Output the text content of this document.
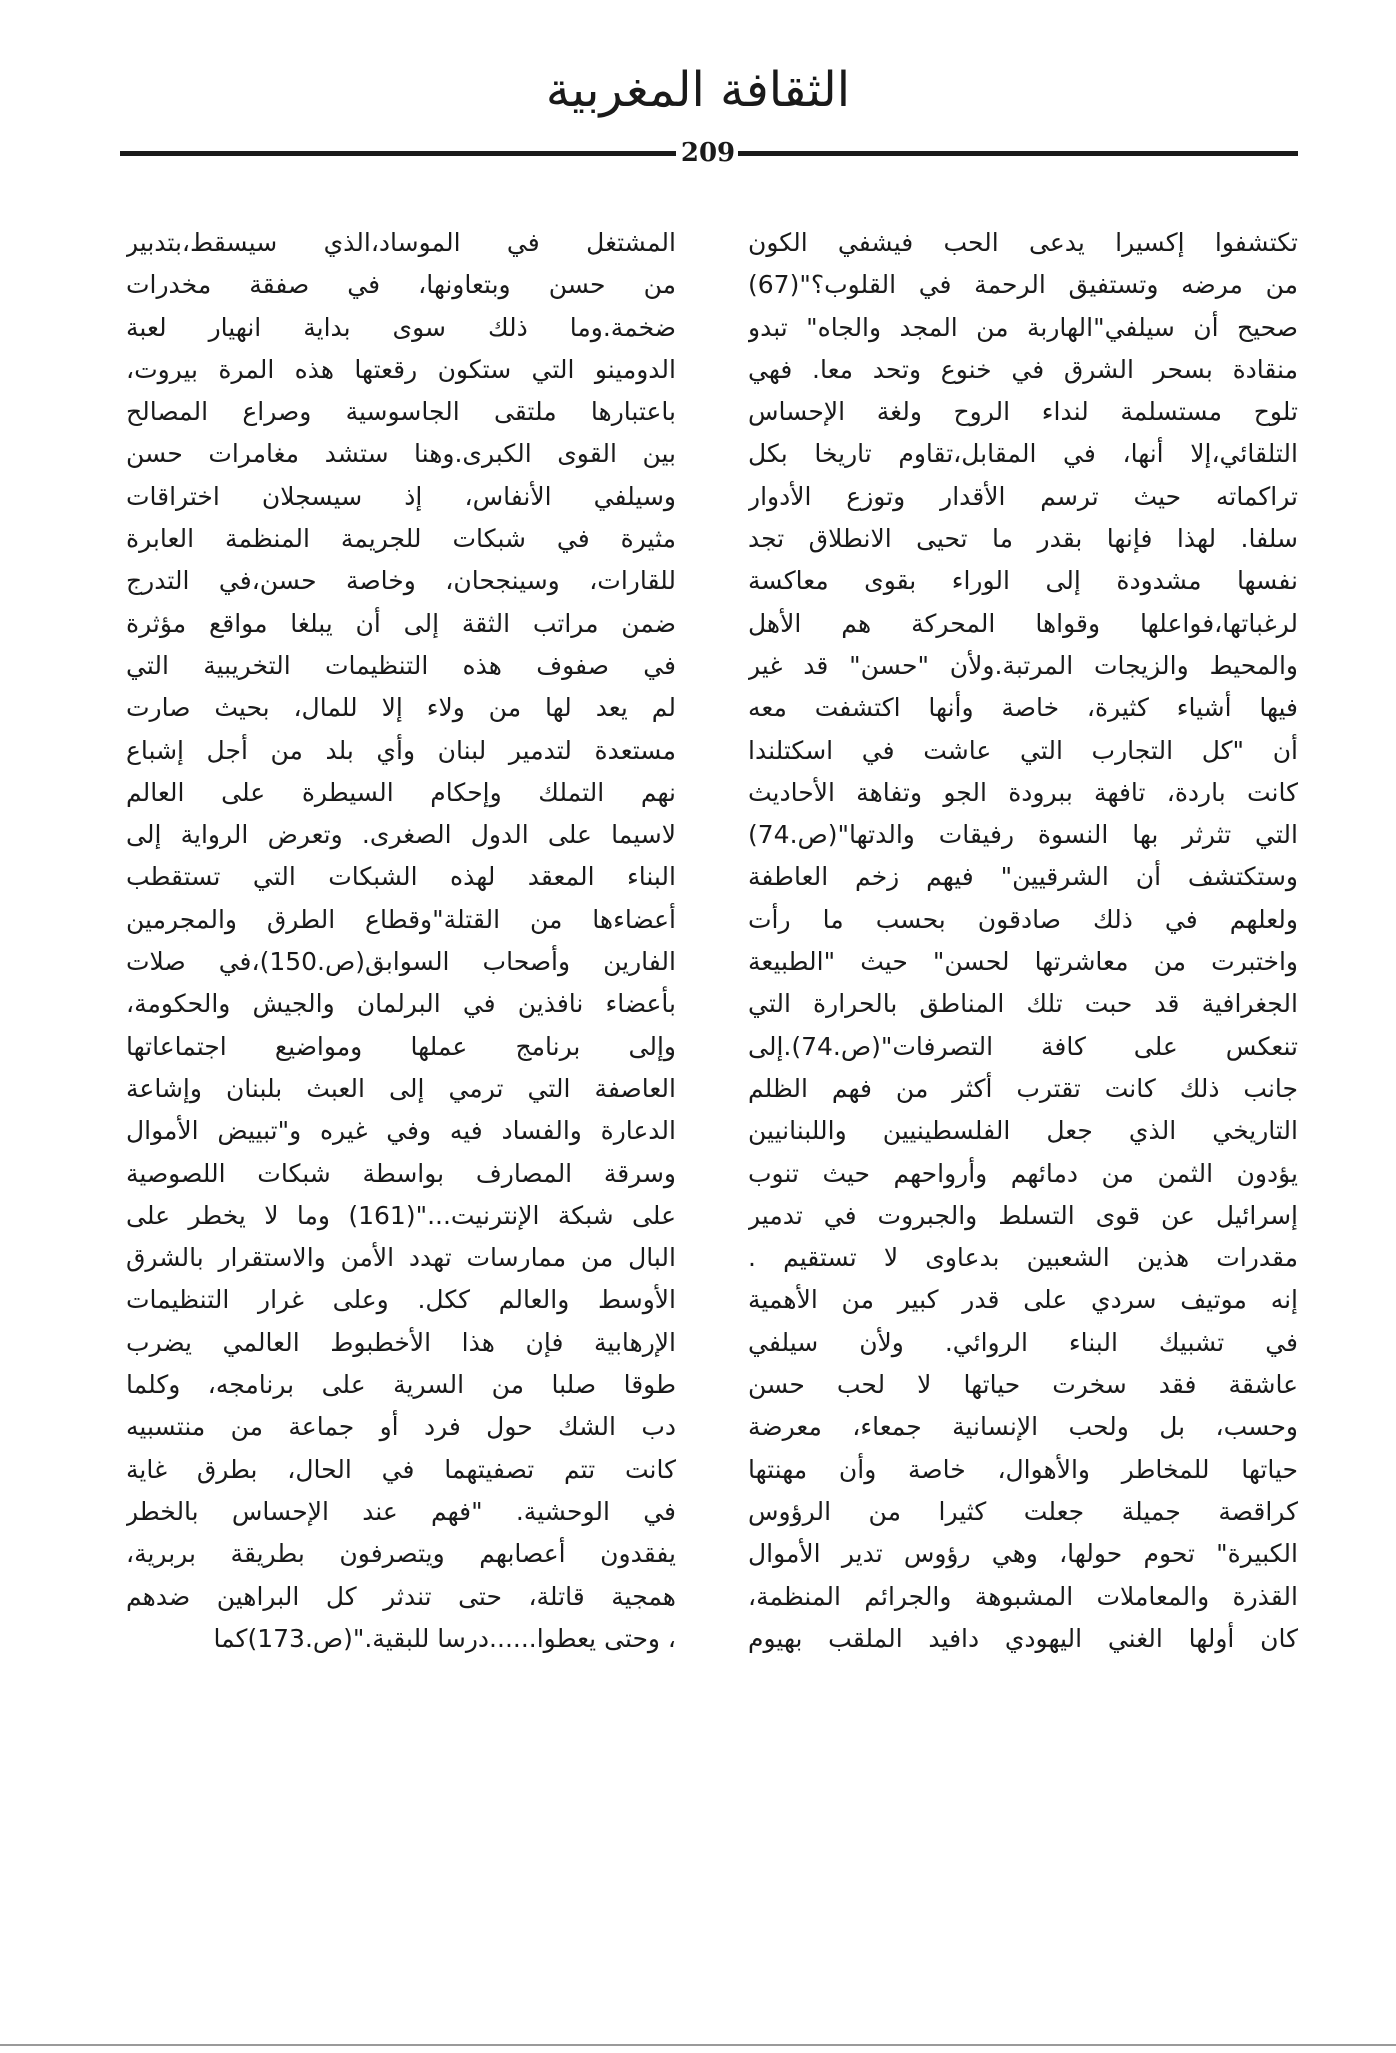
الثقافة المغربية
209
تكتشفوا إكسيرا يدعى الحب فيشفي الكون
من مرضه وتستفيق الرحمة في القلوب؟"(67)
صحيح أن سيلفي"الهاربة من المجد والجاه" تبدو
منقادة بسحر الشرق في خنوع وتحد معا. فهي
تلوح مستسلمة لنداء الروح ولغة الإحساس
التلقائي،إلا أنها، في المقابل،تقاوم تاريخا بكل
تراكماته حيث ترسم الأقدار وتوزع الأدوار
سلفا. لهذا فإنها بقدر ما تحيى الانطلاق تجد
نفسها مشدودة إلى الوراء بقوى معاكسة
لرغباتها،فواعلها وقواها المحركة هم الأهل
والمحيط والزيجات المرتبة.ولأن "حسن" قد غير
فيها أشياء كثيرة، خاصة وأنها اكتشفت معه
أن "كل التجارب التي عاشت في اسكتلندا
كانت باردة، تافهة ببرودة الجو وتفاهة الأحاديث
التي تثرثر بها النسوة رفيقات والدتها"(ص.74)
وستكتشف أن الشرقيين" فيهم زخم العاطفة
ولعلهم في ذلك صادقون بحسب ما رأت
واختبرت من معاشرتها لحسن" حيث "الطبيعة
الجغرافية قد حبت تلك المناطق بالحرارة التي
تنعكس على كافة التصرفات"(ص.74).إلى
جانب ذلك كانت تقترب أكثر من فهم الظلم
التاريخي الذي جعل الفلسطينيين واللبنانيين
يؤدون الثمن من دمائهم وأرواحهم حيث تنوب
إسرائيل عن قوى التسلط والجبروت في تدمير
مقدرات هذين الشعبين بدعاوى لا تستقيم .
إنه موتيف سردي على قدر كبير من الأهمية
في تشبيك البناء الروائي. ولأن سيلفي
عاشقة فقد سخرت حياتها لا لحب حسن
وحسب، بل ولحب الإنسانية جمعاء، معرضة
حياتها للمخاطر والأهوال، خاصة وأن مهنتها
كراقصة جميلة جعلت كثيرا من الرؤوس
الكبيرة" تحوم حولها، وهي رؤوس تدير الأموال
القذرة والمعاملات المشبوهة والجرائم المنظمة،
كان أولها الغني اليهودي دافيد الملقب بهيوم
المشتغل في الموساد،الذي سيسقط،بتدبير
من حسن وبتعاونها، في صفقة مخدرات
ضخمة.وما ذلك سوى بداية انهيار لعبة
الدومينو التي ستكون رقعتها هذه المرة بيروت،
باعتبارها ملتقى الجاسوسية وصراع المصالح
بين القوى الكبرى.وهنا ستشد مغامرات حسن
وسيلفي الأنفاس، إذ سيسجلان اختراقات
مثيرة في شبكات للجريمة المنظمة العابرة
للقارات، وسينجحان، وخاصة حسن،في التدرج
ضمن مراتب الثقة إلى أن يبلغا مواقع مؤثرة
في صفوف هذه التنظيمات التخريبية التي
لم يعد لها من ولاء إلا للمال، بحيث صارت
مستعدة لتدمير لبنان وأي بلد من أجل إشباع
نهم التملك وإحكام السيطرة على العالم
لاسيما على الدول الصغرى. وتعرض الرواية إلى
البناء المعقد لهذه الشبكات التي تستقطب
أعضاءها من القتلة"وقطاع الطرق والمجرمين
الفارين وأصحاب السوابق(ص.150)،في صلات
بأعضاء نافذين في البرلمان والجيش والحكومة،
وإلى برنامج عملها ومواضيع اجتماعاتها
العاصفة التي ترمي إلى العبث بلبنان وإشاعة
الدعارة والفساد فيه وفي غيره و"تبييض الأموال
وسرقة المصارف بواسطة شبكات اللصوصية
على شبكة الإنترنيت..."(161) وما لا يخطر على
البال من ممارسات تهدد الأمن والاستقرار بالشرق
الأوسط والعالم ككل. وعلى غرار التنظيمات
الإرهابية فإن هذا الأخطبوط العالمي يضرب
طوقا صلبا من السرية على برنامجه، وكلما
دب الشك حول فرد أو جماعة من منتسبيه
كانت تتم تصفيتهما في الحال، بطرق غاية
في الوحشية. "فهم عند الإحساس بالخطر
يفقدون أعصابهم ويتصرفون بطريقة بربرية،
همجية قاتلة، حتى تندثر كل البراهين ضدهم
، وحتى يعطوا......درسا للبقية."(ص.173)كما
